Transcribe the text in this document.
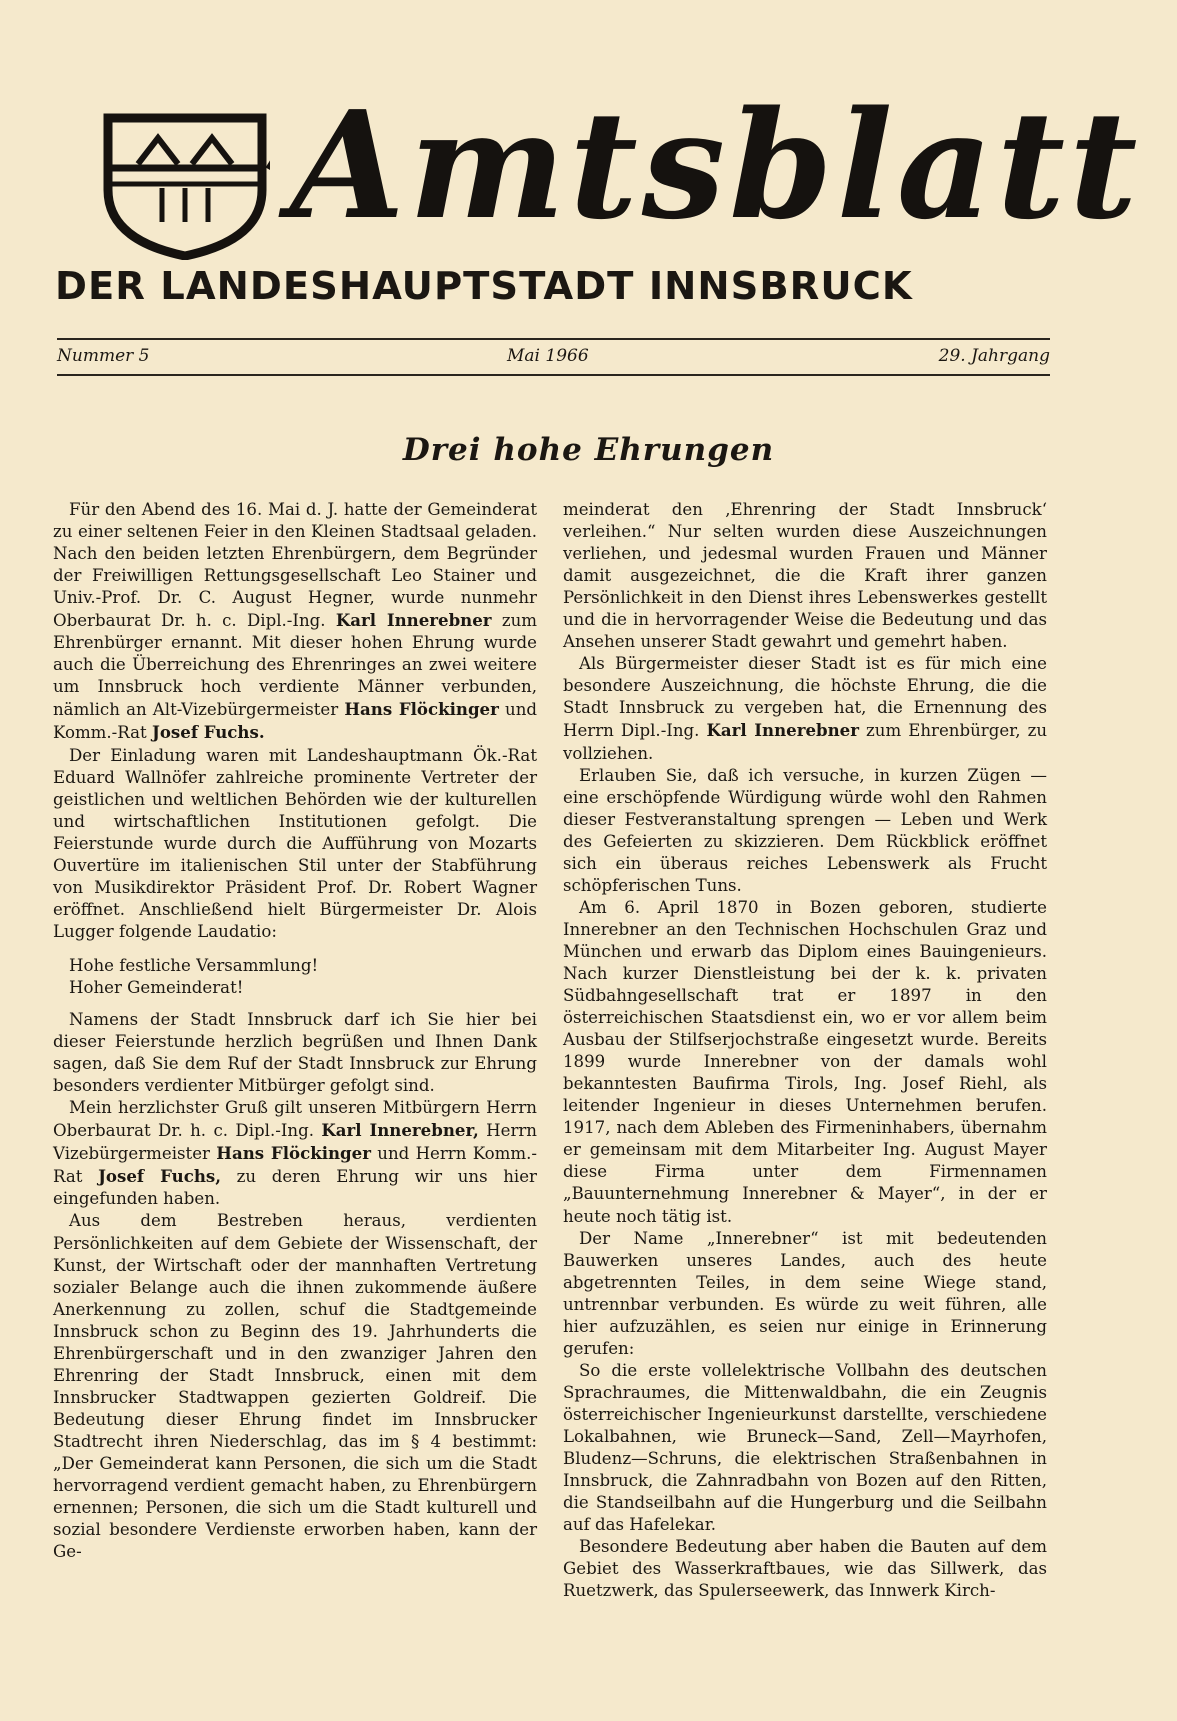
Amtsblatt
DER LANDESHAUPTSTADT INNSBRUCK
Nummer 5	Mai 1966	29. Jahrgang
Drei hohe Ehrungen

Für den Abend des 16. Mai d. J. hatte der Gemeinderat zu einer seltenen Feier in den Kleinen Stadtsaal geladen. Nach den beiden letzten Ehrenbürgern, dem Begründer der Freiwilligen Rettungsgesellschaft Leo Stainer und Univ.-Prof. Dr. C. August Hegner, wurde nunmehr Oberbaurat Dr. h. c. Dipl.-Ing. Karl Innerebner zum Ehrenbürger ernannt. Mit dieser hohen Ehrung wurde auch die Überreichung des Ehrenringes an zwei weitere um Innsbruck hoch verdiente Männer verbunden, nämlich an Alt-Vizebürgermeister Hans Flöckinger und Komm.-Rat Josef Fuchs.

Der Einladung waren mit Landeshauptmann Ök.-Rat Eduard Wallnöfer zahlreiche prominente Vertreter der geistlichen und weltlichen Behörden wie der kulturellen und wirtschaftlichen Institutionen gefolgt. Die Feierstunde wurde durch die Aufführung von Mozarts Ouvertüre im italienischen Stil unter der Stabführung von Musikdirektor Präsident Prof. Dr. Robert Wagner eröffnet. Anschließend hielt Bürgermeister Dr. Alois Lugger folgende Laudatio:

Hohe festliche Versammlung!
Hoher Gemeinderat!

Namens der Stadt Innsbruck darf ich Sie hier bei dieser Feierstunde herzlich begrüßen und Ihnen Dank sagen, daß Sie dem Ruf der Stadt Innsbruck zur Ehrung besonders verdienter Mitbürger gefolgt sind.

Mein herzlichster Gruß gilt unseren Mitbürgern Herrn Oberbaurat Dr. h. c. Dipl.-Ing. Karl Innerebner, Herrn Vizebürgermeister Hans Flöckinger und Herrn Komm.-Rat Josef Fuchs, zu deren Ehrung wir uns hier eingefunden haben.

Aus dem Bestreben heraus, verdienten Persönlichkeiten auf dem Gebiete der Wissenschaft, der Kunst, der Wirtschaft oder der mannhaften Vertretung sozialer Belange auch die ihnen zukommende äußere Anerkennung zu zollen, schuf die Stadtgemeinde Innsbruck schon zu Beginn des 19. Jahrhunderts die Ehrenbürgerschaft und in den zwanziger Jahren den Ehrenring der Stadt Innsbruck, einen mit dem Innsbrucker Stadtwappen gezierten Goldreif. Die Bedeutung dieser Ehrung findet im Innsbrucker Stadtrecht ihren Niederschlag, das im § 4 bestimmt: „Der Gemeinderat kann Personen, die sich um die Stadt hervorragend verdient gemacht haben, zu Ehrenbürgern ernennen; Personen, die sich um die Stadt kulturell und sozial besondere Verdienste erworben haben, kann der Ge-

meinderat den ‚Ehrenring der Stadt Innsbruck‘ verleihen.“ Nur selten wurden diese Auszeichnungen verliehen, und jedesmal wurden Frauen und Männer damit ausgezeichnet, die die Kraft ihrer ganzen Persönlichkeit in den Dienst ihres Lebenswerkes gestellt und die in hervorragender Weise die Bedeutung und das Ansehen unserer Stadt gewahrt und gemehrt haben.

Als Bürgermeister dieser Stadt ist es für mich eine besondere Auszeichnung, die höchste Ehrung, die die Stadt Innsbruck zu vergeben hat, die Ernennung des Herrn Dipl.-Ing. Karl Innerebner zum Ehrenbürger, zu vollziehen.

Erlauben Sie, daß ich versuche, in kurzen Zügen — eine erschöpfende Würdigung würde wohl den Rahmen dieser Festveranstaltung sprengen — Leben und Werk des Gefeierten zu skizzieren. Dem Rückblick eröffnet sich ein überaus reiches Lebenswerk als Frucht schöpferischen Tuns.

Am 6. April 1870 in Bozen geboren, studierte Innerebner an den Technischen Hochschulen Graz und München und erwarb das Diplom eines Bauingenieurs. Nach kurzer Dienstleistung bei der k. k. privaten Südbahngesellschaft trat er 1897 in den österreichischen Staatsdienst ein, wo er vor allem beim Ausbau der Stilfserjochstraße eingesetzt wurde. Bereits 1899 wurde Innerebner von der damals wohl bekanntesten Baufirma Tirols, Ing. Josef Riehl, als leitender Ingenieur in dieses Unternehmen berufen. 1917, nach dem Ableben des Firmeninhabers, übernahm er gemeinsam mit dem Mitarbeiter Ing. August Mayer diese Firma unter dem Firmennamen „Bauunternehmung Innerebner & Mayer“, in der er heute noch tätig ist.

Der Name „Innerebner“ ist mit bedeutenden Bauwerken unseres Landes, auch des heute abgetrennten Teiles, in dem seine Wiege stand, untrennbar verbunden. Es würde zu weit führen, alle hier aufzuzählen, es seien nur einige in Erinnerung gerufen:

So die erste vollelektrische Vollbahn des deutschen Sprachraumes, die Mittenwaldbahn, die ein Zeugnis österreichischer Ingenieurkunst darstellte, verschiedene Lokalbahnen, wie Bruneck—Sand, Zell—Mayrhofen, Bludenz—Schruns, die elektrischen Straßenbahnen in Innsbruck, die Zahnradbahn von Bozen auf den Ritten, die Standseilbahn auf die Hungerburg und die Seilbahn auf das Hafelekar.

Besondere Bedeutung aber haben die Bauten auf dem Gebiet des Wasserkraftbaues, wie das Sillwerk, das Ruetzwerk, das Spulerseewerk, das Innwerk Kirch-
